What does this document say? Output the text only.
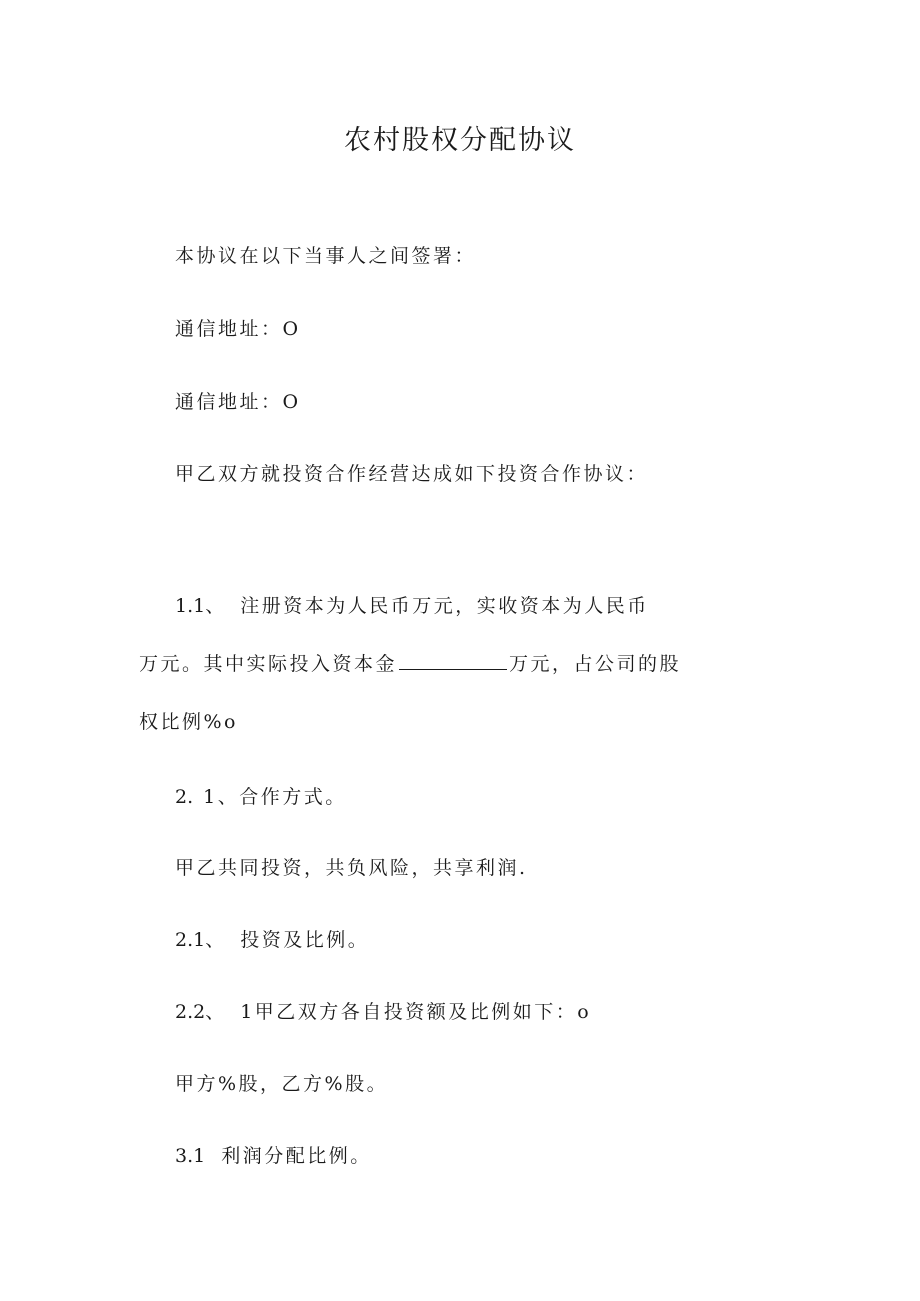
农村股权分配协议

本协议在以下当事人之间签署：

通信地址：O

通信地址：O

甲乙双方就投资合作经营达成如下投资合作协议：

1.1、 注册资本为人民币万元，实收资本为人民币

万元。其中实际投入资本金	万元，占公司的股

权比例%o

2. 1、合作方式。

甲乙共同投资，共负风险，共享利润.

2.1、 投资及比例。

2.2、 1甲乙双方各自投资额及比例如下：o

甲方%股，乙方%股。

3.1 利润分配比例。
